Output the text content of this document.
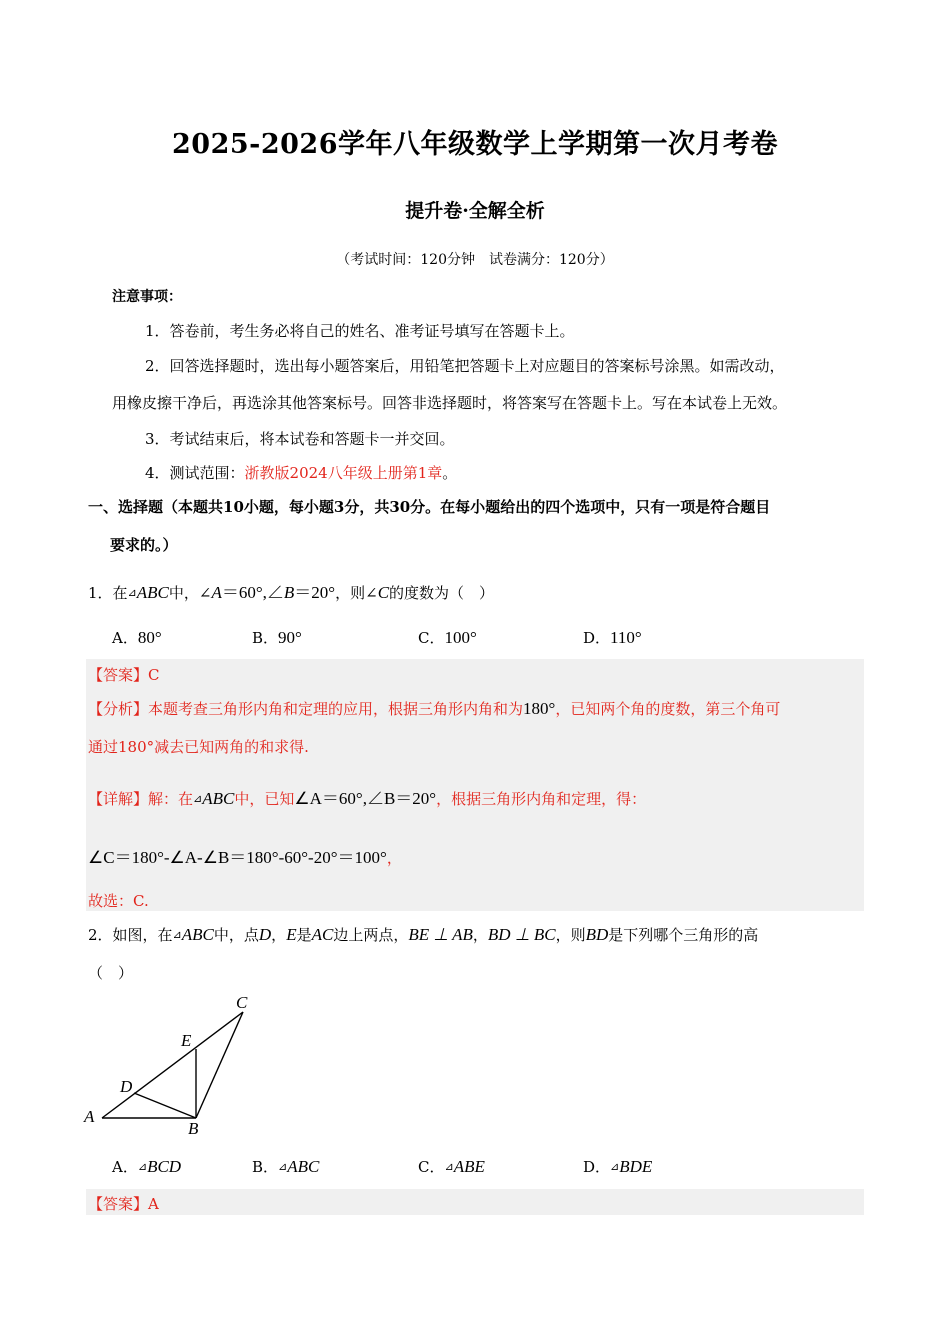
2025-2026学年八年级数学上学期第一次月考卷
提升卷·全解全析
（考试时间：120分钟　试卷满分：120分）
注意事项：
1．答卷前，考生务必将自己的姓名、准考证号填写在答题卡上。
2．回答选择题时，选出每小题答案后，用铅笔把答题卡上对应题目的答案标号涂黑。如需改动，
用橡皮擦干净后，再选涂其他答案标号。回答非选择题时，将答案写在答题卡上。写在本试卷上无效。
3．考试结束后，将本试卷和答题卡一并交回。
4．测试范围：浙教版2024八年级上册第1章。
一、选择题（本题共10小题，每小题3分，共30分。在每小题给出的四个选项中，只有一项是符合题目
要求的。）
1．在⊿ABC中，∠A＝60°,∠B＝20°，则∠C的度数为（　）
A．80°	B．90°	C．100°	D．110°
【答案】C
【分析】本题考查三角形内角和定理的应用，根据三角形内角和为180°，已知两个角的度数，第三个角可
通过180°减去已知两角的和求得.
【详解】解：在⊿ABC中，已知∠A＝60°,∠B＝20°，根据三角形内角和定理，得：
∠C＝180°-∠A-∠B＝180°-60°-20°＝100°，
故选：C.
2．如图，在⊿ABC中，点D，E是AC边上两点，BE ⊥ AB，BD ⊥ BC，则BD是下列哪个三角形的高
（　）
A
B
C
D
E
A．⊿BCD	B．⊿ABC	C．⊿ABE	D．⊿BDE
【答案】A
